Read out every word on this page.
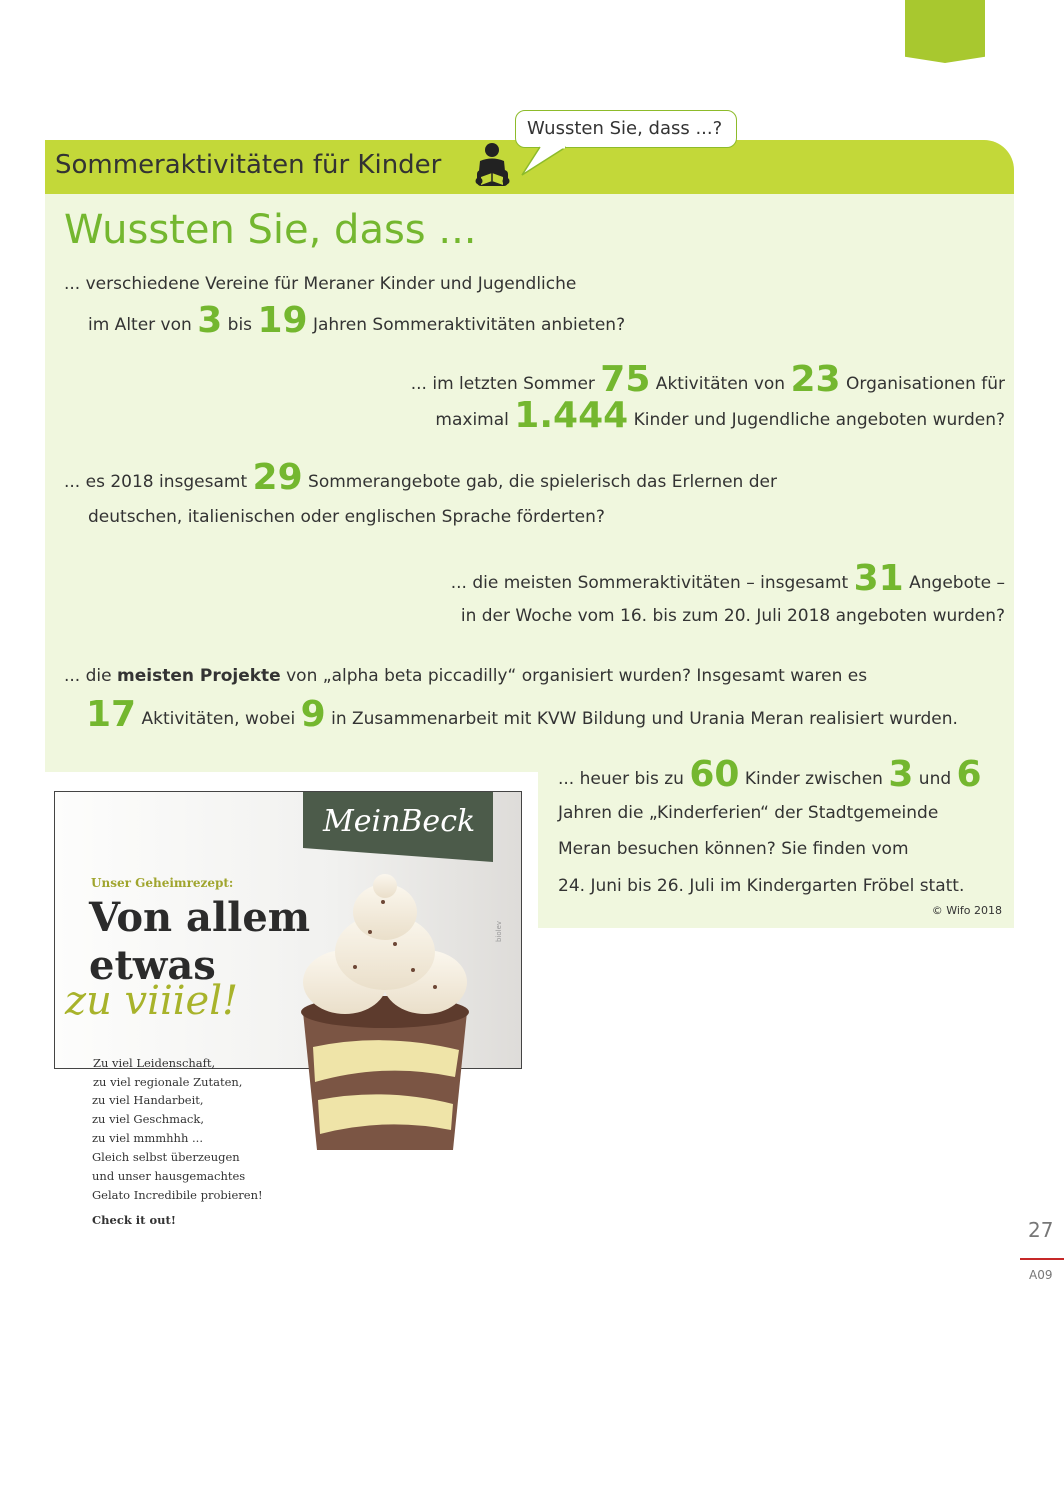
Sommeraktivitäten für Kinder
Wussten Sie, dass ...?
Wussten Sie, dass ...
... verschiedene Vereine für Meraner Kinder und Jugendliche
im Alter von 3 bis 19 Jahren Sommeraktivitäten anbieten?
... im letzten Sommer 75 Aktivitäten von 23 Organisationen für
maximal 1.444 Kinder und Jugendliche angeboten wurden?
... es 2018 insgesamt 29 Sommerangebote gab, die spielerisch das Erlernen der
deutschen, italienischen oder englischen Sprache förderten?
... die meisten Sommeraktivitäten – insgesamt 31 Angebote –
in der Woche vom 16. bis zum 20. Juli 2018 angeboten wurden?
... die meisten Projekte von „alpha beta piccadilly“ organisiert wurden? Insgesamt waren es
17 Aktivitäten, wobei 9 in Zusammenarbeit mit KVW Bildung und Urania Meran realisiert wurden.
... heuer bis zu 60 Kinder zwischen 3 und 6
Jahren die „Kinderferien“ der Stadtgemeinde
Meran besuchen können? Sie finden vom
24. Juni bis 26. Juli im Kindergarten Fröbel statt.
© Wifo 2018
MeinBeck
biolev
Unser Geheimrezept:
Von allem
etwas
zu viiiel!
Zu viel Leidenschaft,
zu viel regionale Zutaten,
27
A09
zu viel Handarbeit,
zu viel Geschmack,
zu viel mmmhhh ...
Gleich selbst überzeugen
und unser hausgemachtes
Gelato Incredibile probieren!
Check it out!
